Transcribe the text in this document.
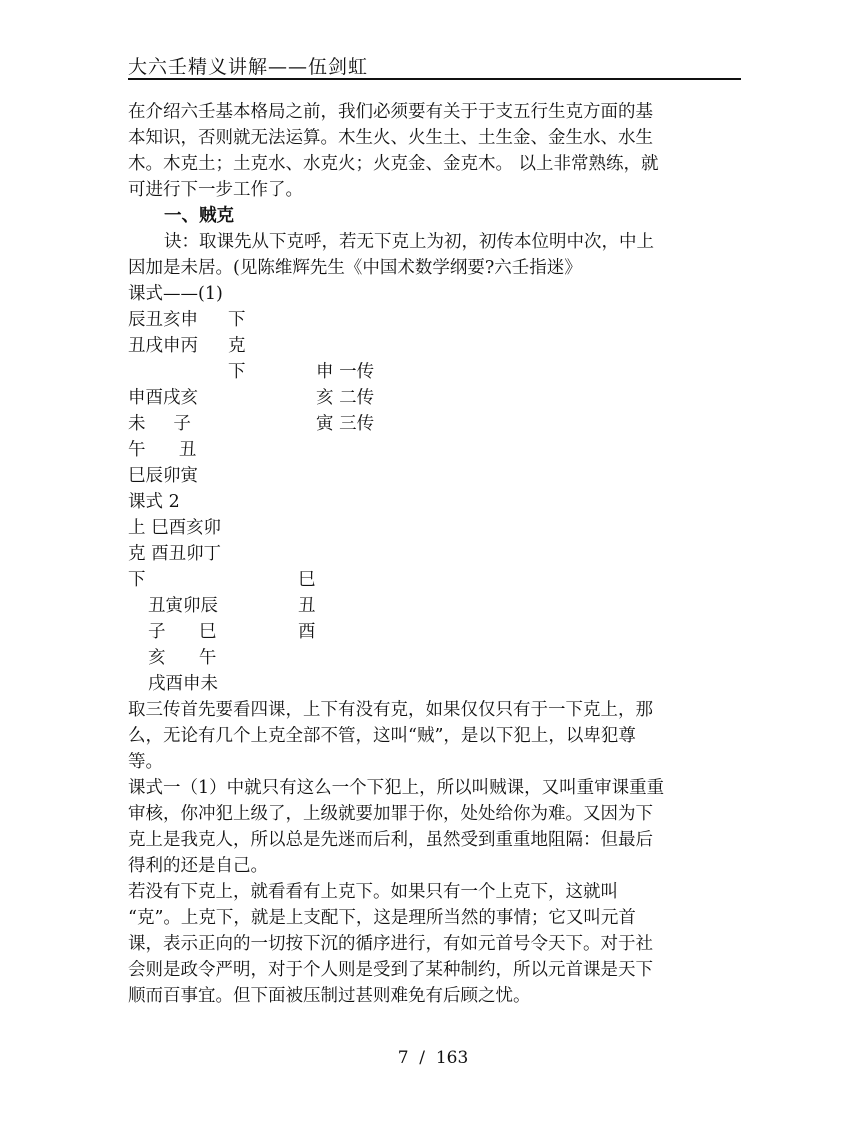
大六壬精义讲解——伍剑虹
在介绍六壬基本格局之前，我们必须要有关于于支五行生克方面的基
本知识，否则就无法运算。木生火、火生土、土生金、金生水、水生
木。木克土；土克水、水克火；火克金、金克木。 以上非常熟练，就
可进行下一步工作了。
一、贼克
诀：取课先从下克呼，若无下克上为初，初传本位明中次，中上
因加是未居。(见陈维辉先生《中国术数学纲要?六壬指迷》
课式——(1)
辰丑亥申 下
丑戌申丙 克
下	申 一传
申酉戌亥	亥 二传
未     子	寅 三传
午      丑
巳辰卯寅
课式 2
上 巳酉亥卯
克 酉丑卯丁
下	巳
丑寅卯辰	丑
子      巳	酉
亥      午
戌酉申未
取三传首先要看四课，上下有没有克，如果仅仅只有于一下克上，那
么，无论有几个上克全部不管，这叫“贼”，是以下犯上，以卑犯尊
等。
课式一（1）中就只有这么一个下犯上，所以叫贼课，又叫重审课重重
审核，你冲犯上级了，上级就要加罪于你，处处给你为难。又因为下
克上是我克人，所以总是先迷而后利，虽然受到重重地阻隔：但最后
得利的还是自己。
若没有下克上，就看看有上克下。如果只有一个上克下，这就叫
“克”。上克下，就是上支配下，这是理所当然的事情；它又叫元首
课，表示正向的一切按下沉的循序进行，有如元首号令天下。对于社
会则是政令严明，对于个人则是受到了某种制约，所以元首课是天下
顺而百事宜。但下面被压制过甚则难免有后顾之忧。
7  /  163
